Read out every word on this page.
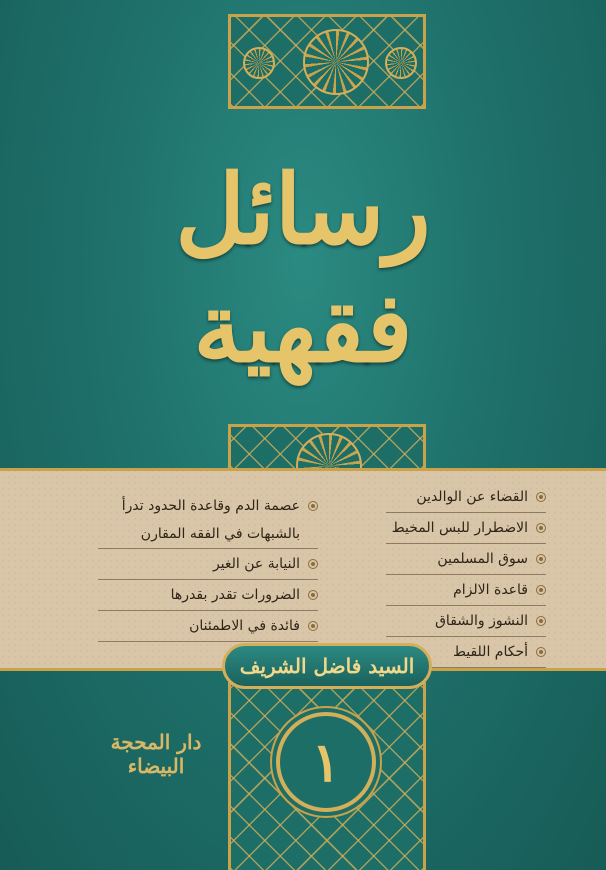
رسائل
فقهية
القضاء عن الوالدين
الاضطرار للبس المخيط
سوق المسلمين
قاعدة الالزام
النشوز والشقاق
أحكام اللقيط
عصمة الدم وقاعدة الحدود تدرأ
بالشبهات في الفقه المقارن
النيابة عن الغير
الضرورات تقدر بقدرها
فائدة في الاطمئنان
السيد فاضل الشريف
١
دار المحجة البيضاء
